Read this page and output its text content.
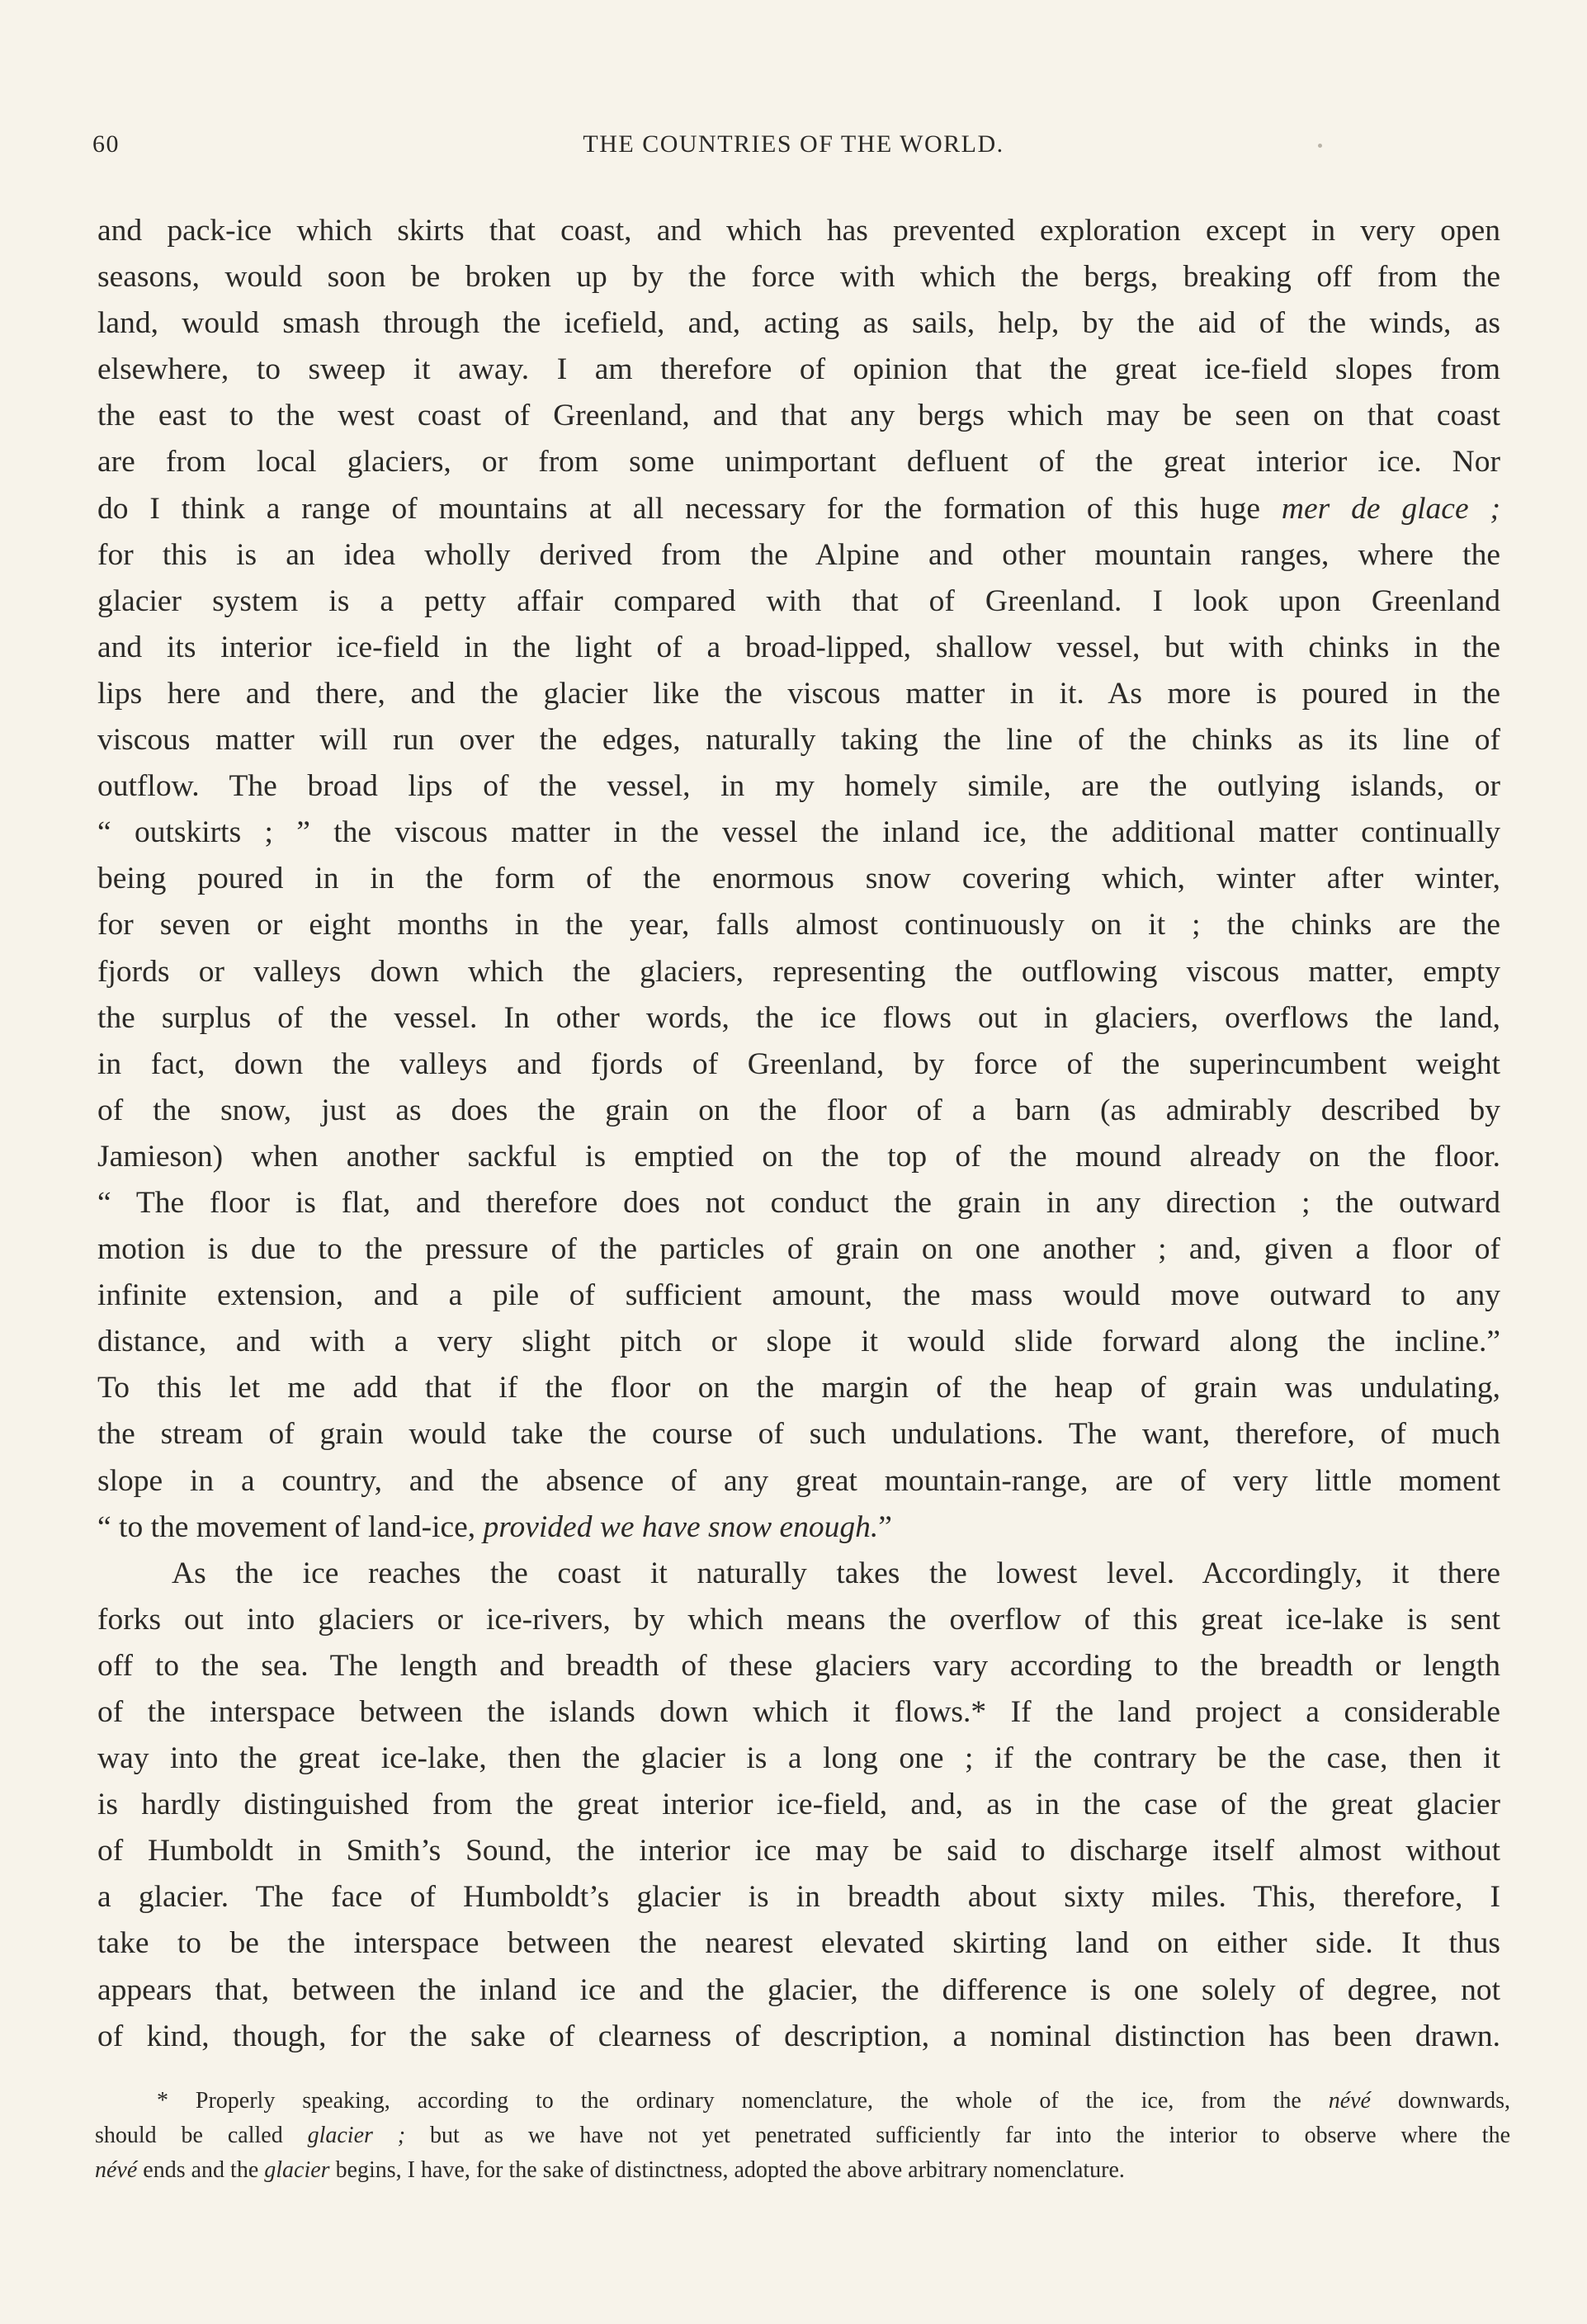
60	THE COUNTRIES OF THE WORLD.
and pack-ice which skirts that coast, and which has prevented exploration except in very open
seasons, would soon be broken up by the force with which the bergs, breaking off from the
land, would smash through the icefield, and, acting as sails, help, by the aid of the winds, as
elsewhere, to sweep it away. I am therefore of opinion that the great ice-field slopes from
the east to the west coast of Greenland, and that any bergs which may be seen on that coast
are from local glaciers, or from some unimportant defluent of the great interior ice. Nor
do I think a range of mountains at all necessary for the formation of this huge mer de glace ;
for this is an idea wholly derived from the Alpine and other mountain ranges, where the
glacier system is a petty affair compared with that of Greenland. I look upon Greenland
and its interior ice-field in the light of a broad-lipped, shallow vessel, but with chinks in the
lips here and there, and the glacier like the viscous matter in it. As more is poured in the
viscous matter will run over the edges, naturally taking the line of the chinks as its line of
outflow. The broad lips of the vessel, in my homely simile, are the outlying islands, or
“ outskirts ; ” the viscous matter in the vessel the inland ice, the additional matter continually
being poured in in the form of the enormous snow covering which, winter after winter,
for seven or eight months in the year, falls almost continuously on it ; the chinks are the
fjords or valleys down which the glaciers, representing the outflowing viscous matter, empty
the surplus of the vessel. In other words, the ice flows out in glaciers, overflows the land,
in fact, down the valleys and fjords of Greenland, by force of the superincumbent weight
of the snow, just as does the grain on the floor of a barn (as admirably described by
Jamieson) when another sackful is emptied on the top of the mound already on the floor.
“ The floor is flat, and therefore does not conduct the grain in any direction ; the outward
motion is due to the pressure of the particles of grain on one another ; and, given a floor of
infinite extension, and a pile of sufficient amount, the mass would move outward to any
distance, and with a very slight pitch or slope it would slide forward along the incline.”
To this let me add that if the floor on the margin of the heap of grain was undulating,
the stream of grain would take the course of such undulations. The want, therefore, of much
slope in a country, and the absence of any great mountain-range, are of very little moment
“ to the movement of land-ice, provided we have snow enough.”
As the ice reaches the coast it naturally takes the lowest level. Accordingly, it there
forks out into glaciers or ice-rivers, by which means the overflow of this great ice-lake is sent
off to the sea. The length and breadth of these glaciers vary according to the breadth or length
of the interspace between the islands down which it flows.* If the land project a considerable
way into the great ice-lake, then the glacier is a long one ; if the contrary be the case, then it
is hardly distinguished from the great interior ice-field, and, as in the case of the great glacier
of Humboldt in Smith’s Sound, the interior ice may be said to discharge itself almost without
a glacier. The face of Humboldt’s glacier is in breadth about sixty miles. This, therefore, I
take to be the interspace between the nearest elevated skirting land on either side. It thus
appears that, between the inland ice and the glacier, the difference is one solely of degree, not
of kind, though, for the sake of clearness of description, a nominal distinction has been drawn.
* Properly speaking, according to the ordinary nomenclature, the whole of the ice, from the névé downwards,
should be called glacier ; but as we have not yet penetrated sufficiently far into the interior to observe where the
névé ends and the glacier begins, I have, for the sake of distinctness, adopted the above arbitrary nomenclature.
